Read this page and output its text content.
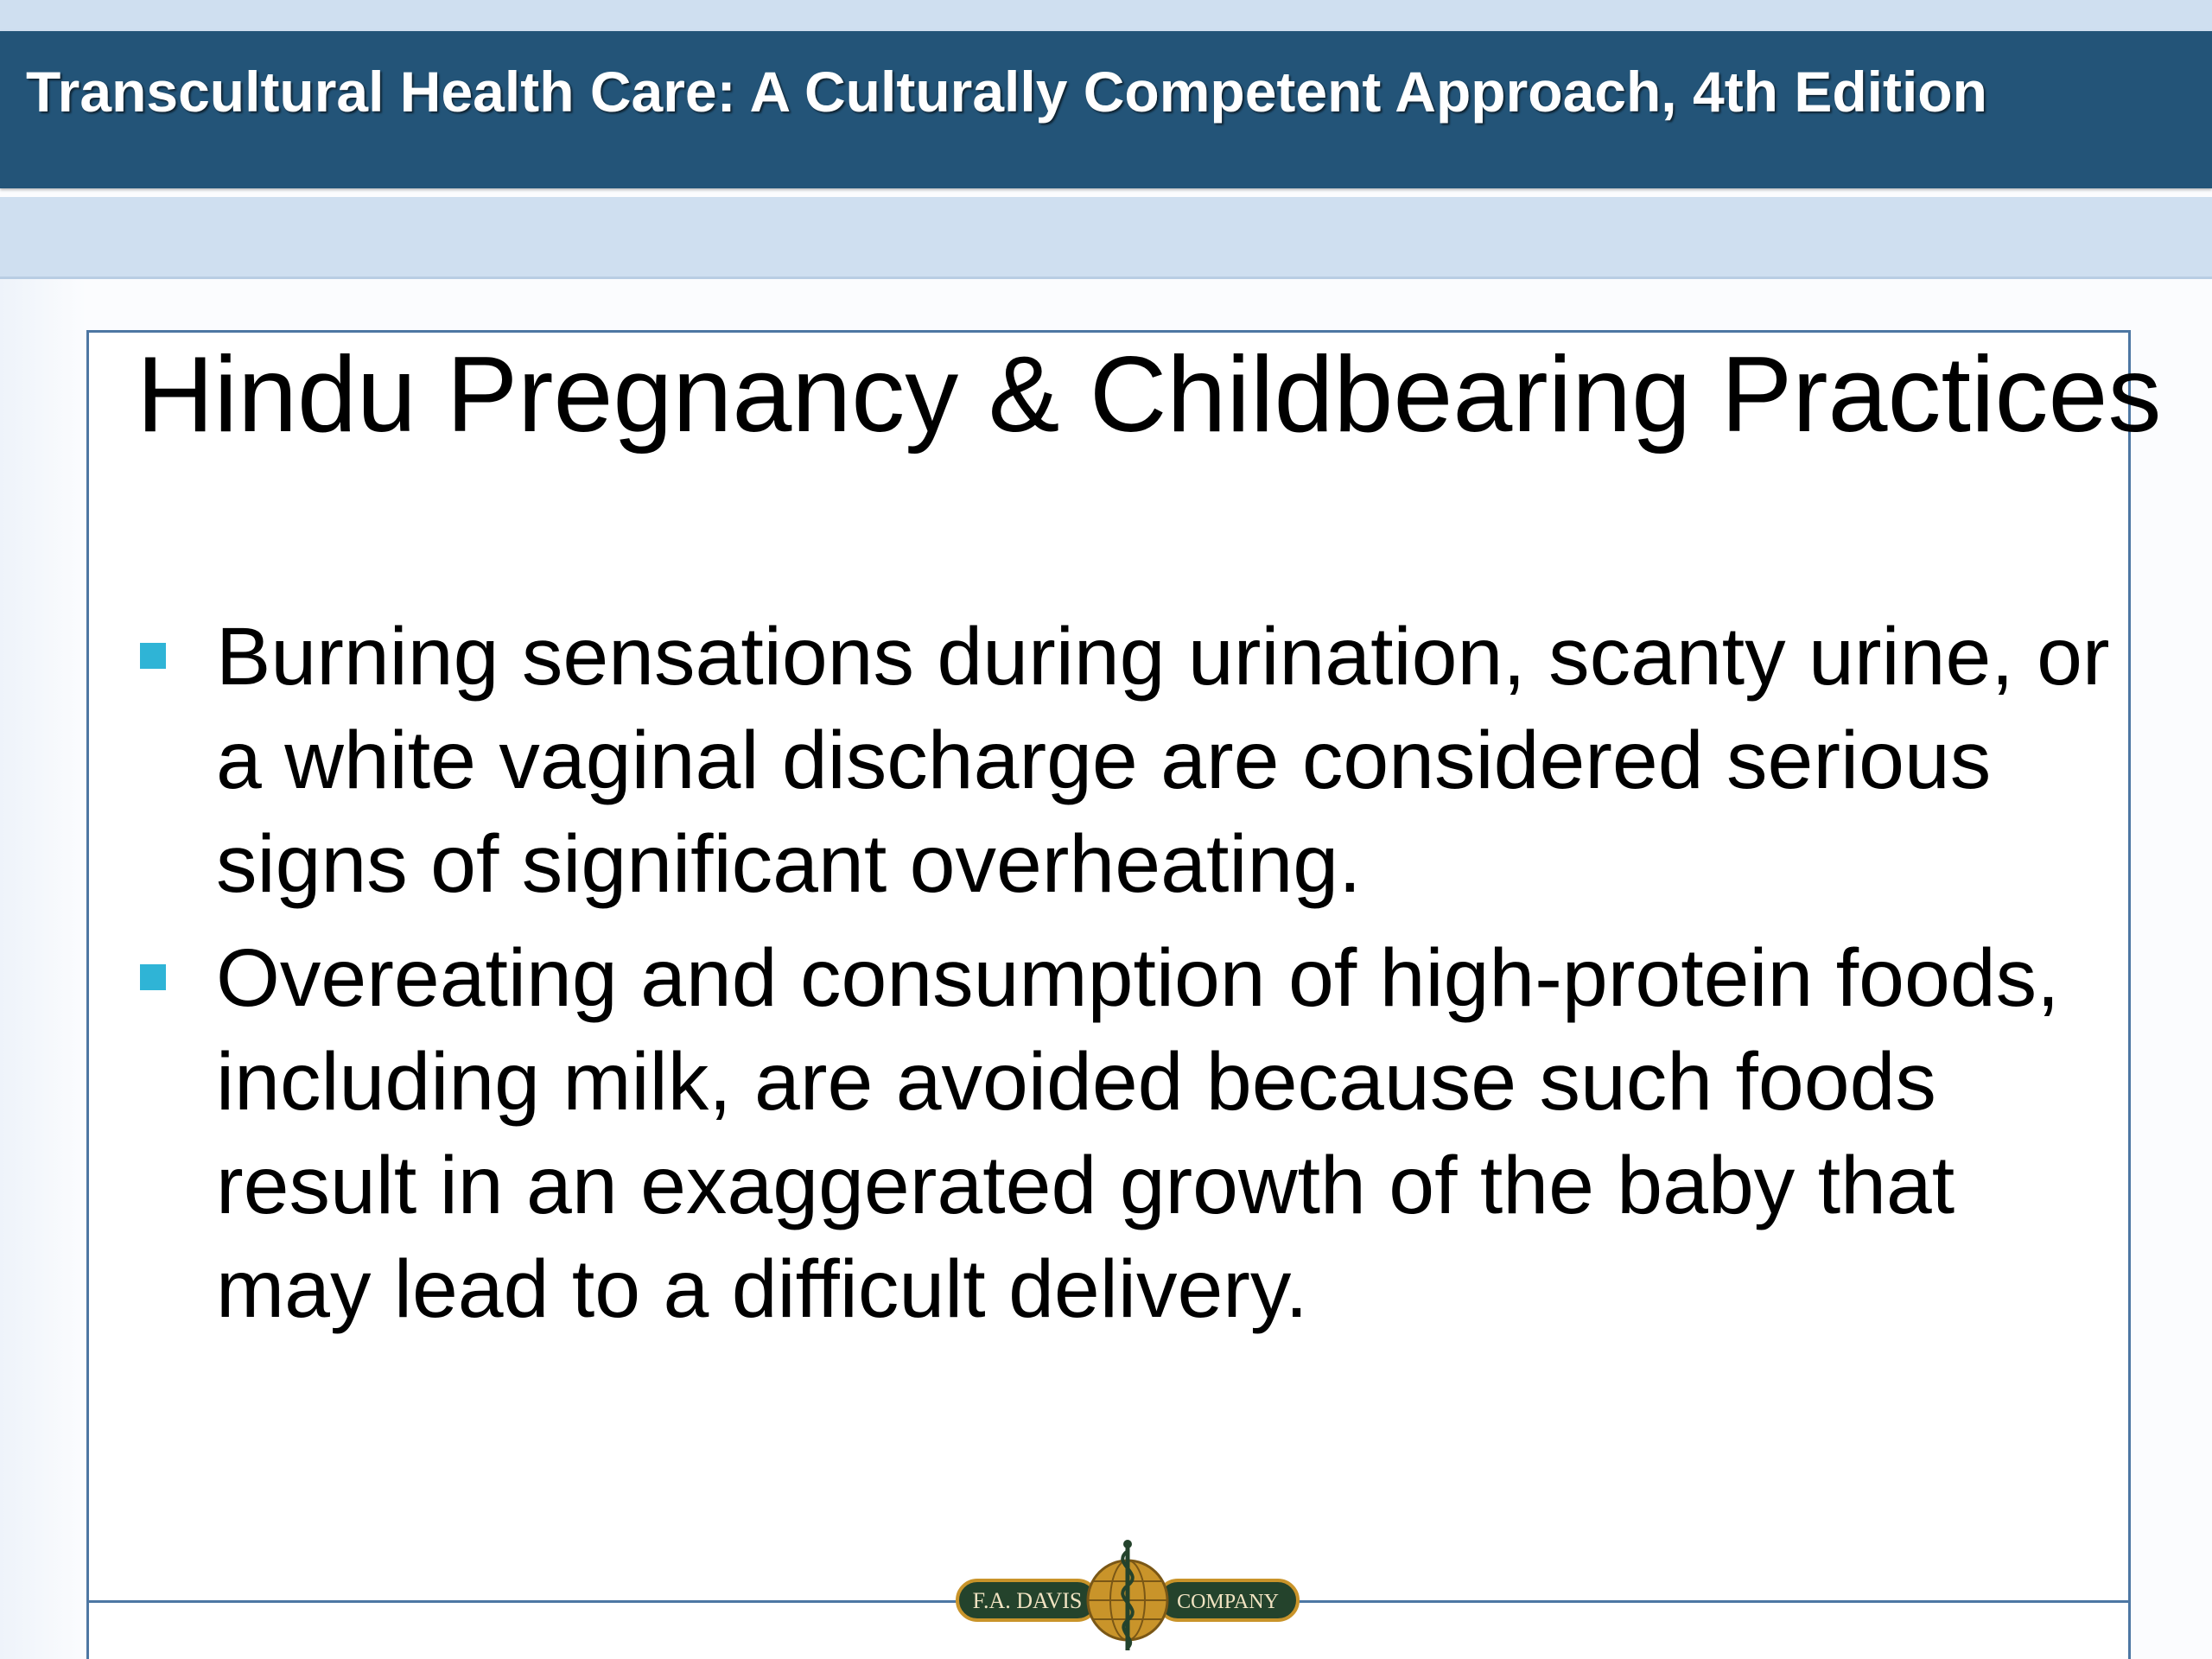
Transcultural Health Care: A Culturally Competent Approach, 4th Edition
Hindu Pregnancy & Childbearing Practices
Burning sensations during urination, scanty urine, or a white vaginal discharge are considered serious signs of significant overheating.
Overeating and consumption of high-protein foods, including milk, are avoided because such foods result in an exaggerated growth of the baby that may lead to a difficult delivery.
F.A. DAVIS	COMPANY
